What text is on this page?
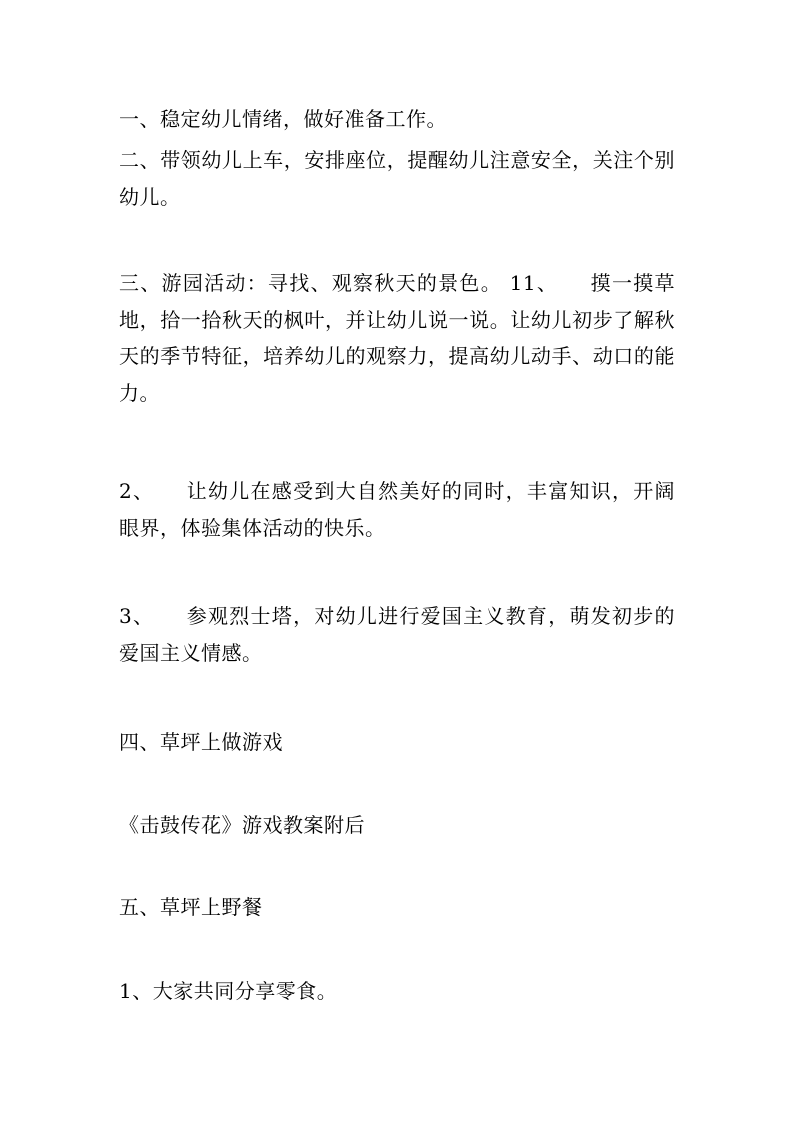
一、稳定幼儿情绪，做好准备工作。

二、带领幼儿上车，安排座位，提醒幼儿注意安全，关注个别幼儿。

三、游园活动：寻找、观察秋天的景色。 11、　　摸一摸草地，拾一拾秋天的枫叶，并让幼儿说一说。让幼儿初步了解秋天的季节特征，培养幼儿的观察力，提高幼儿动手、动口的能力。

2、　　让幼儿在感受到大自然美好的同时，丰富知识，开阔眼界，体验集体活动的快乐。

3、　　参观烈士塔，对幼儿进行爱国主义教育，萌发初步的爱国主义情感。

四、草坪上做游戏

《击鼓传花》游戏教案附后

五、草坪上野餐

1、大家共同分享零食。
